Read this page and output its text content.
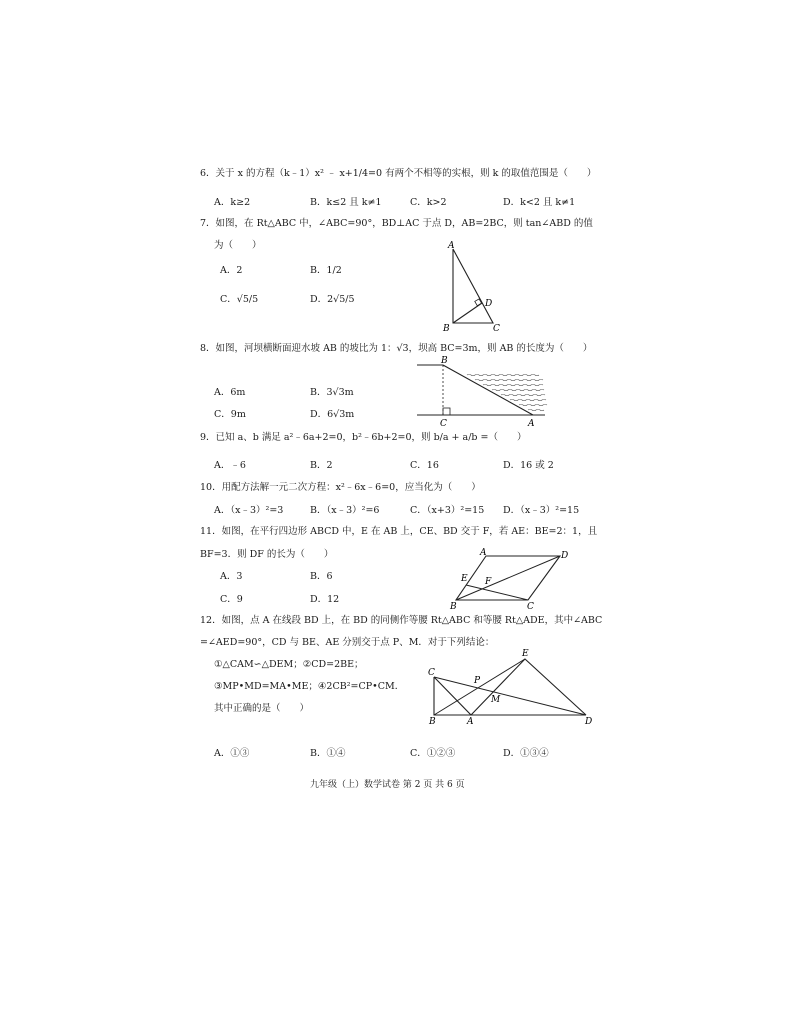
6．关于 x 的方程（k﹣1）x² ﹣ x+1/4=0 有两个不相等的实根，则 k 的取值范围是（　　）
A．k≥2	B．k≤2 且 k≠1	C．k>2	D．k<2 且 k≠1
7．如图，在 Rt△ABC 中，∠ABC=90°，BD⊥AC 于点 D，AB=2BC，则 tan∠ABD 的值
为（　　）
A．2	B．1/2
C．√5/5	D．2√5/5
A
B	C
D
8．如图，河坝横断面迎水坡 AB 的坡比为 1：√3，坝高 BC=3m，则 AB 的长度为（　　）
A．6m	B．3√3m
C．9m	D．6√3m
B
C	A
9．已知 a、b 满足 a²﹣6a+2=0，b²﹣6b+2=0，则 b/a + a/b =（　　）
A．﹣6	B．2	C．16	D．16 或 2
10．用配方法解一元二次方程：x²﹣6x﹣6=0，应当化为（　　）
A．（x﹣3）²=3	B．（x﹣3）²=6	C．（x+3）²=15 D．（x﹣3）²=15
11．如图，在平行四边形 ABCD 中，E 在 AB 上，CE、BD 交于 F，若 AE：BE=2：1，且
BF=3．则 DF 的长为（　　）
A．3	B．6
C．9	D．12
A	D
E F
B	C
12．如图，点 A 在线段 BD 上，在 BD 的同侧作等腰 Rt△ABC 和等腰 Rt△ADE，其中∠ABC
=∠AED=90°，CD 与 BE、AE 分别交于点 P、M．对于下列结论：
①△CAM∽△DEM；②CD=2BE；
③MP•MD=MA•ME；④2CB²=CP•CM．
其中正确的是（　　）
A．①③	B．①④	C．①②③	D．①③④
C
E
P
M
B	A	D
九年级（上）数学试卷 第 2 页 共 6 页
